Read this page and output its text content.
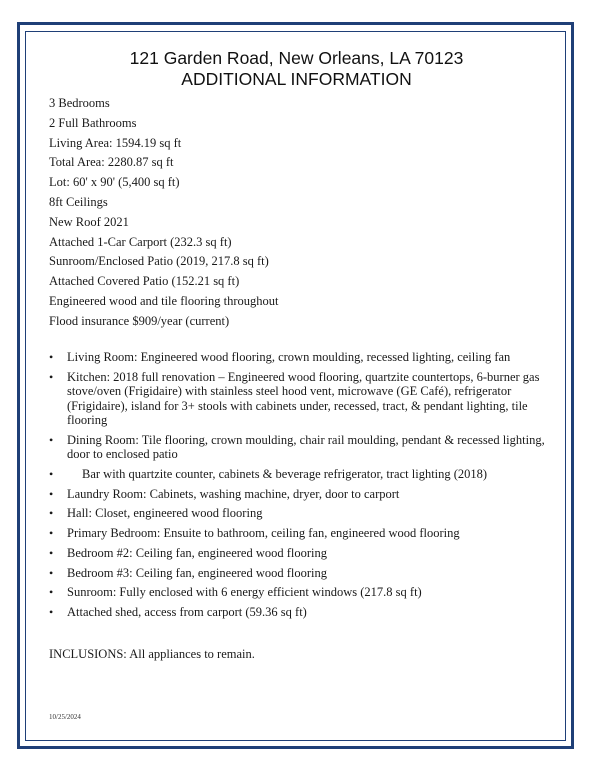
121 Garden Road, New Orleans, LA 70123
ADDITIONAL INFORMATION
3 Bedrooms
2 Full Bathrooms
Living Area: 1594.19 sq ft
Total Area: 2280.87 sq ft
Lot: 60' x 90' (5,400 sq ft)
8ft Ceilings
New Roof 2021
Attached 1-Car Carport (232.3 sq ft)
Sunroom/Enclosed Patio (2019, 217.8 sq ft)
Attached Covered Patio (152.21 sq ft)
Engineered wood and tile flooring throughout
Flood insurance $909/year (current)
• Living Room: Engineered wood flooring, crown moulding, recessed lighting, ceiling fan
• Kitchen: 2018 full renovation – Engineered wood flooring, quartzite countertops, 6-burner gas stove/oven (Frigidaire) with stainless steel hood vent, microwave (GE Café), refrigerator (Frigidaire), island for 3+ stools with cabinets under, recessed, tract, & pendant lighting, tile flooring
• Dining Room: Tile flooring, crown moulding, chair rail moulding, pendant & recessed lighting, door to enclosed patio
•	Bar with quartzite counter, cabinets & beverage refrigerator, tract lighting (2018)
• Laundry Room: Cabinets, washing machine, dryer, door to carport
• Hall: Closet, engineered wood flooring
• Primary Bedroom: Ensuite to bathroom, ceiling fan, engineered wood flooring
• Bedroom #2: Ceiling fan, engineered wood flooring
• Bedroom #3: Ceiling fan, engineered wood flooring
• Sunroom: Fully enclosed with 6 energy efficient windows (217.8 sq ft)
• Attached shed, access from carport (59.36 sq ft)
INCLUSIONS: All appliances to remain.
10/25/2024
